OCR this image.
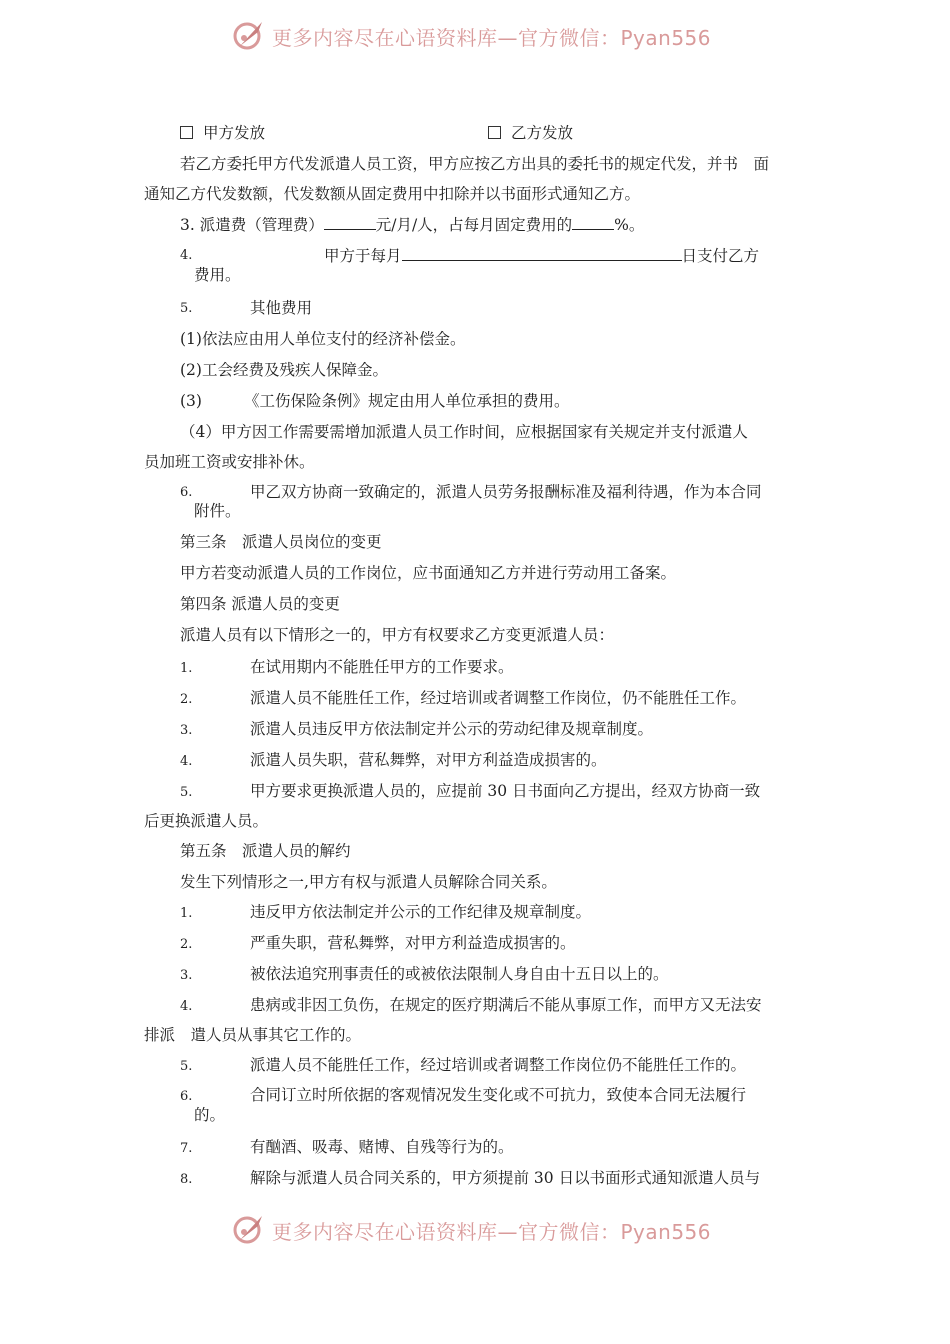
更多内容尽在心语资料库—官方微信：Pyan556
甲方发放	乙方发放
若乙方委托甲方代发派遣人员工资，甲方应按乙方出具的委托书的规定代发，并书　面
通知乙方代发数额，代发数额从固定费用中扣除并以书面形式通知乙方。
3. 派遣费（管理费）	元/月/人，占每月固定费用的	%。
4.	甲方于每月	日支付乙方
费用。
5.	其他费用
(1)依法应由用人单位支付的经济补偿金。
(2)工会经费及残疾人保障金。
(3)	《工伤保险条例》规定由用人单位承担的费用。
（4）甲方因工作需要需增加派遣人员工作时间，应根据国家有关规定并支付派遣人
员加班工资或安排补休。
6.	甲乙双方协商一致确定的，派遣人员劳务报酬标准及福利待遇，作为本合同
附件。
第三条　派遣人员岗位的变更
甲方若变动派遣人员的工作岗位，应书面通知乙方并进行劳动用工备案。
第四条 派遣人员的变更
派遣人员有以下情形之一的，甲方有权要求乙方变更派遣人员：
1.	在试用期内不能胜任甲方的工作要求。
2.	派遣人员不能胜任工作，经过培训或者调整工作岗位，仍不能胜任工作。
3.	派遣人员违反甲方依法制定并公示的劳动纪律及规章制度。
4.	派遣人员失职，营私舞弊，对甲方利益造成损害的。
5.	甲方要求更换派遣人员的，应提前 30 日书面向乙方提出，经双方协商一致
后更换派遣人员。
第五条　派遣人员的解约
发生下列情形之一,甲方有权与派遣人员解除合同关系。
1.	违反甲方依法制定并公示的工作纪律及规章制度。
2.	严重失职，营私舞弊，对甲方利益造成损害的。
3.	被依法追究刑事责任的或被依法限制人身自由十五日以上的。
4.	患病或非因工负伤，在规定的医疗期满后不能从事原工作，而甲方又无法安
排派　遣人员从事其它工作的。
5.	派遣人员不能胜任工作，经过培训或者调整工作岗位仍不能胜任工作的。
6.	合同订立时所依据的客观情况发生变化或不可抗力，致使本合同无法履行
的。
7.	有酗酒、吸毒、赌博、自残等行为的。
8.	解除与派遣人员合同关系的，甲方须提前 30 日以书面形式通知派遣人员与
更多内容尽在心语资料库—官方微信：Pyan556
